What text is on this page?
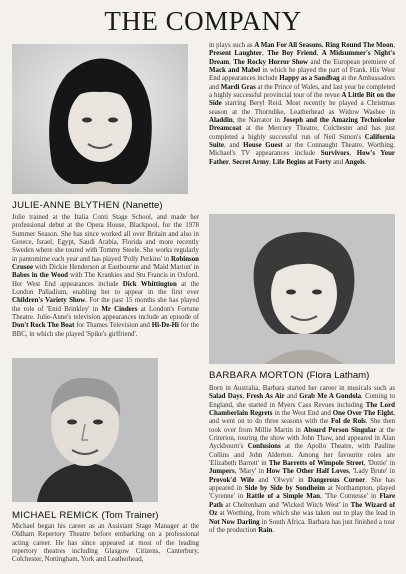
THE COMPANY
JULIE-ANNE BLYTHEN (Nanette)
Julie trained at the Italia Conti Stage School, and made her professional debut at the Opera House, Blackpool, for the 1978 Summer Season. She has since worked all over Britain and also in Greece, Israel, Egypt, Saudi Arabia, Florida and more recently Sweden where she toured with Tommy Steele. She works regularly in pantomime each year and has played 'Polly Perkins' in Robinson Crusoe with Dickie Henderson at Eastbourne and 'Maid Marion' in Babes in the Wood with The Krankies and Stu Francis in Oxford. Her West End appearances include Dick Whittington at the London Palladium, enabling her to appear in the first ever Children's Variety Show. For the past 15 months she has played the role of 'Enid Brinkley' in Mr Cinders at London's Fortune Theatre. Julie-Anne's television appearances include an episode of Don't Rock The Boat for Thames Television and Hi-De-Hi for the BBC, in which she played 'Spike's girlfriend'.
MICHAEL REMICK (Tom Trainer)
Michael began his career as an Assistant Stage Manager at the Oldham Repertory Theatre before embarking on a professional acting career. He has since appeared at most of the leading repertory theatres including Glasgow Citizens, Canterbury, Colchester, Nottingham, York and Leatherhead,
in plays such as A Man For All Seasons, Ring Round The Moon, Present Laughter, The Boy Friend, A Midsummer's Night's Dream, The Rocky Horror Show and the European premiere of Mack and Mabel in which he played the part of Frank. His West End appearances include Happy as a Sandbag at the Ambassadors and Mardi Gras at the Prince of Wales, and last year he completed a highly successful provincial tour of the revue A Little Bit on the Side starring Beryl Reid. Most recently he played a Christmas season at the Thorndike, Leatherhead as Widow Washee in Aladdin, the Narrator in Joseph and the Amazing Technicolor Dreamcoat at the Mercury Theatre, Colchester and has just completed a highly successful run of Neil Simon's California Suite, and House Guest at the Connaught Theatre, Worthing. Michael's TV appearances include Survivors, How's Your Father, Secret Army, Life Begins at Forty and Angels.
BARBARA MORTON (Flora Latham)
Born in Australia, Barbara started her career in musicals such as Salad Days, Fresh As Air and Grab Me A Gondola. Coming to England, she started in Myers Cass Revues including The Lord Chamberlain Regrets in the West End and One Over The Eight, and went on to do three seasons with the Fol de Rols. She then took over from Millie Martin in Absurd Person Singular at the Criterion, touring the show with John Thaw, and appeared in Alan Ayckbourn's Confusions at the Apollo Theatre, with Pauline Collins and John Alderton. Among her favourite roles are 'Elizabeth Barrett' in The Barretts of Wimpole Street, 'Dottie' in Jumpers, 'Mary' in How The Other Half Loves, 'Lady Brute' in Provok'd Wife and 'Olwyn' in Dangerous Corner. She has appeared in Side by Side by Sondheim at Northampton, played 'Cyrenne' in Rattle of a Simple Man, 'The Comtesse' in Flare Path at Cheltenham and 'Wicked Witch West' in The Wizard of Oz at Worthing, from which she was taken out to play the lead in Not Now Darling in South Africa. Barbara has just finished a tour of the production Rain.
